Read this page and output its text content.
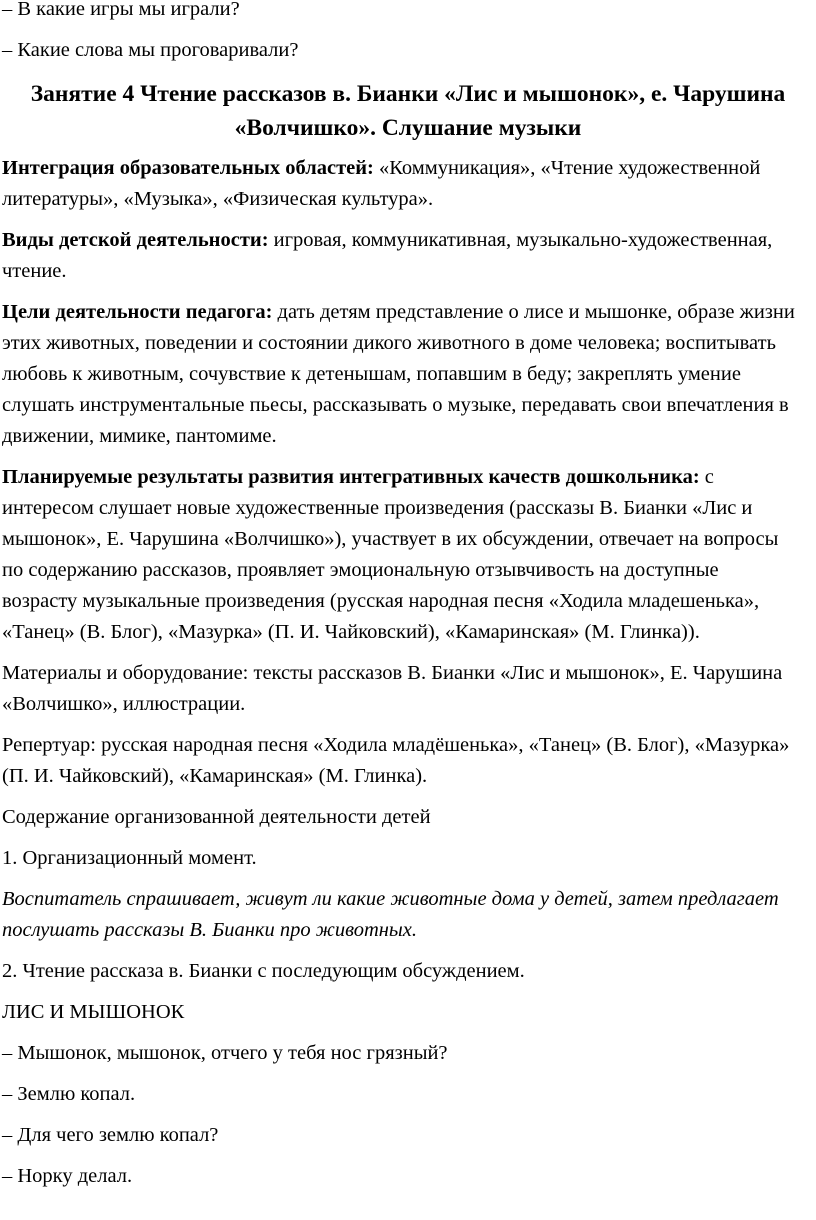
– В какие игры мы играли?

– Какие слова мы проговаривали?

Занятие 4 Чтение рассказов в. Бианки «Лис и мышонок», е. Чарушина «Волчишко». Слушание музыки

Интеграция образовательных областей: «Коммуникация», «Чтение художественной литературы», «Музыка», «Физическая культура».

Виды детской деятельности: игровая, коммуникативная, музыкально-художественная, чтение.

Цели деятельности педагога: дать детям представление о лисе и мышонке, образе жизни этих животных, поведении и состоянии дикого животного в доме человека; воспитывать любовь к животным, сочувствие к детенышам, попавшим в беду; закреплять умение слушать инструментальные пьесы, рассказывать о музыке, передавать свои впечатления в движении, мимике, пантомиме.

Планируемые результаты развития интегративных качеств дошкольника: с интересом слушает новые художественные произведения (рассказы В. Бианки «Лис и мышонок», Е. Чарушина «Волчишко»), участвует в их обсуждении, отвечает на вопросы по содержанию рассказов, проявляет эмоциональную отзывчивость на доступные возрасту музыкальные произведения (русская народная песня «Ходила младешенька», «Танец» (В. Блог), «Мазурка» (П. И. Чайковский), «Камаринская» (М. Глинка)).

Материалы и оборудование: тексты рассказов В. Бианки «Лис и мышонок», Е. Чарушина «Волчишко», иллюстрации.

Репертуар: русская народная песня «Ходила младёшенька», «Танец» (В. Блог), «Мазурка» (П. И. Чайковский), «Камаринская» (М. Глинка).

Содержание организованной деятельности детей

1. Организационный момент.

Воспитатель спрашивает, живут ли какие животные дома у детей, затем предлагает послушать рассказы В. Бианки про животных.

2. Чтение рассказа в. Бианки с последующим обсуждением.

ЛИС И МЫШОНОК

– Мышонок, мышонок, отчего у тебя нос грязный?

– Землю копал.

– Для чего землю копал?

– Норку делал.
